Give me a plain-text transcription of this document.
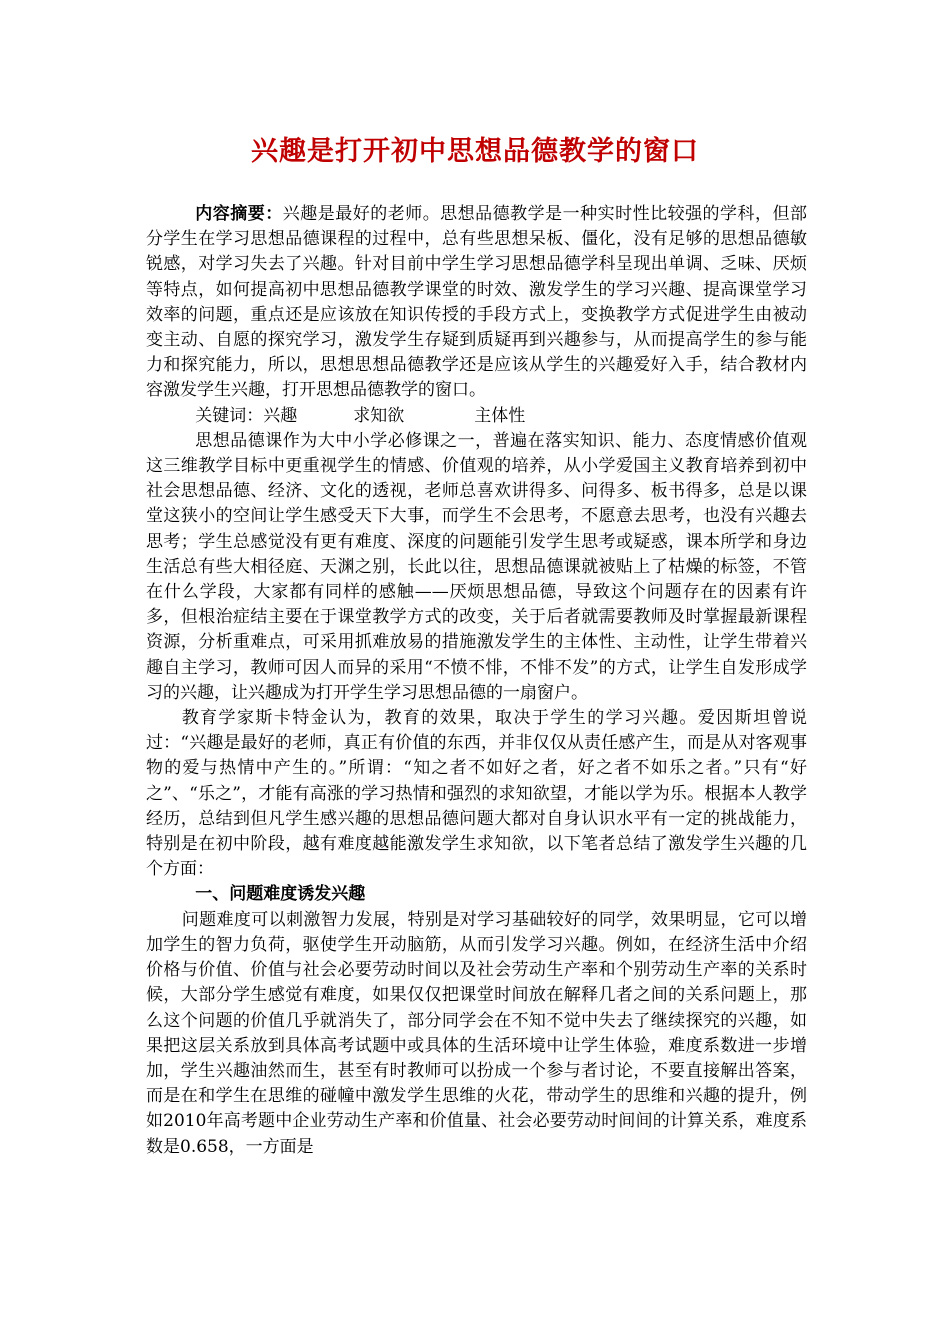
兴趣是打开初中思想品德教学的窗口

内容摘要：兴趣是最好的老师。思想品德教学是一种实时性比较强的学科，但部分学生在学习思想品德课程的过程中，总有些思想呆板、僵化，没有足够的思想品德敏锐感，对学习失去了兴趣。针对目前中学生学习思想品德学科呈现出单调、乏味、厌烦等特点，如何提高初中思想品德教学课堂的时效、激发学生的学习兴趣、提高课堂学习效率的问题，重点还是应该放在知识传授的手段方式上，变换教学方式促进学生由被动变主动、自愿的探究学习，激发学生存疑到质疑再到兴趣参与，从而提高学生的参与能力和探究能力，所以，思想思想品德教学还是应该从学生的兴趣爱好入手，结合教材内容激发学生兴趣，打开思想品德教学的窗口。

关键词：兴趣	求知欲	主体性

思想品德课作为大中小学必修课之一，普遍在落实知识、能力、态度情感价值观这三维教学目标中更重视学生的情感、价值观的培养，从小学爱国主义教育培养到初中社会思想品德、经济、文化的透视，老师总喜欢讲得多、问得多、板书得多，总是以课堂这狭小的空间让学生感受天下大事，而学生不会思考，不愿意去思考，也没有兴趣去思考；学生总感觉没有更有难度、深度的问题能引发学生思考或疑惑，课本所学和身边生活总有些大相径庭、天渊之别，长此以往，思想品德课就被贴上了枯燥的标签，不管在什么学段，大家都有同样的感触——厌烦思想品德，导致这个问题存在的因素有许多，但根治症结主要在于课堂教学方式的改变，关于后者就需要教师及时掌握最新课程资源，分析重难点，可采用抓难放易的措施激发学生的主体性、主动性，让学生带着兴趣自主学习，教师可因人而异的采用“不愤不悱，不悱不发”的方式，让学生自发形成学习的兴趣，让兴趣成为打开学生学习思想品德的一扇窗户。

教育学家斯卡特金认为，教育的效果，取决于学生的学习兴趣。爱因斯坦曾说过：“兴趣是最好的老师，真正有价值的东西，并非仅仅从责任感产生，而是从对客观事物的爱与热情中产生的。”所谓：“知之者不如好之者，好之者不如乐之者。”只有“好之”、“乐之”，才能有高涨的学习热情和强烈的求知欲望，才能以学为乐。根据本人教学经历，总结到但凡学生感兴趣的思想品德问题大都对自身认识水平有一定的挑战能力，特别是在初中阶段，越有难度越能激发学生求知欲，以下笔者总结了激发学生兴趣的几个方面：

一、问题难度诱发兴趣

问题难度可以刺激智力发展，特别是对学习基础较好的同学，效果明显，它可以增加学生的智力负荷，驱使学生开动脑筋，从而引发学习兴趣。例如，在经济生活中介绍价格与价值、价值与社会必要劳动时间以及社会劳动生产率和个别劳动生产率的关系时候，大部分学生感觉有难度，如果仅仅把课堂时间放在解释几者之间的关系问题上，那么这个问题的价值几乎就消失了，部分同学会在不知不觉中失去了继续探究的兴趣，如果把这层关系放到具体高考试题中或具体的生活环境中让学生体验，难度系数进一步增加，学生兴趣油然而生，甚至有时教师可以扮成一个参与者讨论，不要直接解出答案，而是在和学生在思维的碰幢中激发学生思维的火花，带动学生的思维和兴趣的提升，例如2010年高考题中企业劳动生产率和价值量、社会必要劳动时间间的计算关系，难度系数是0.658，一方面是
